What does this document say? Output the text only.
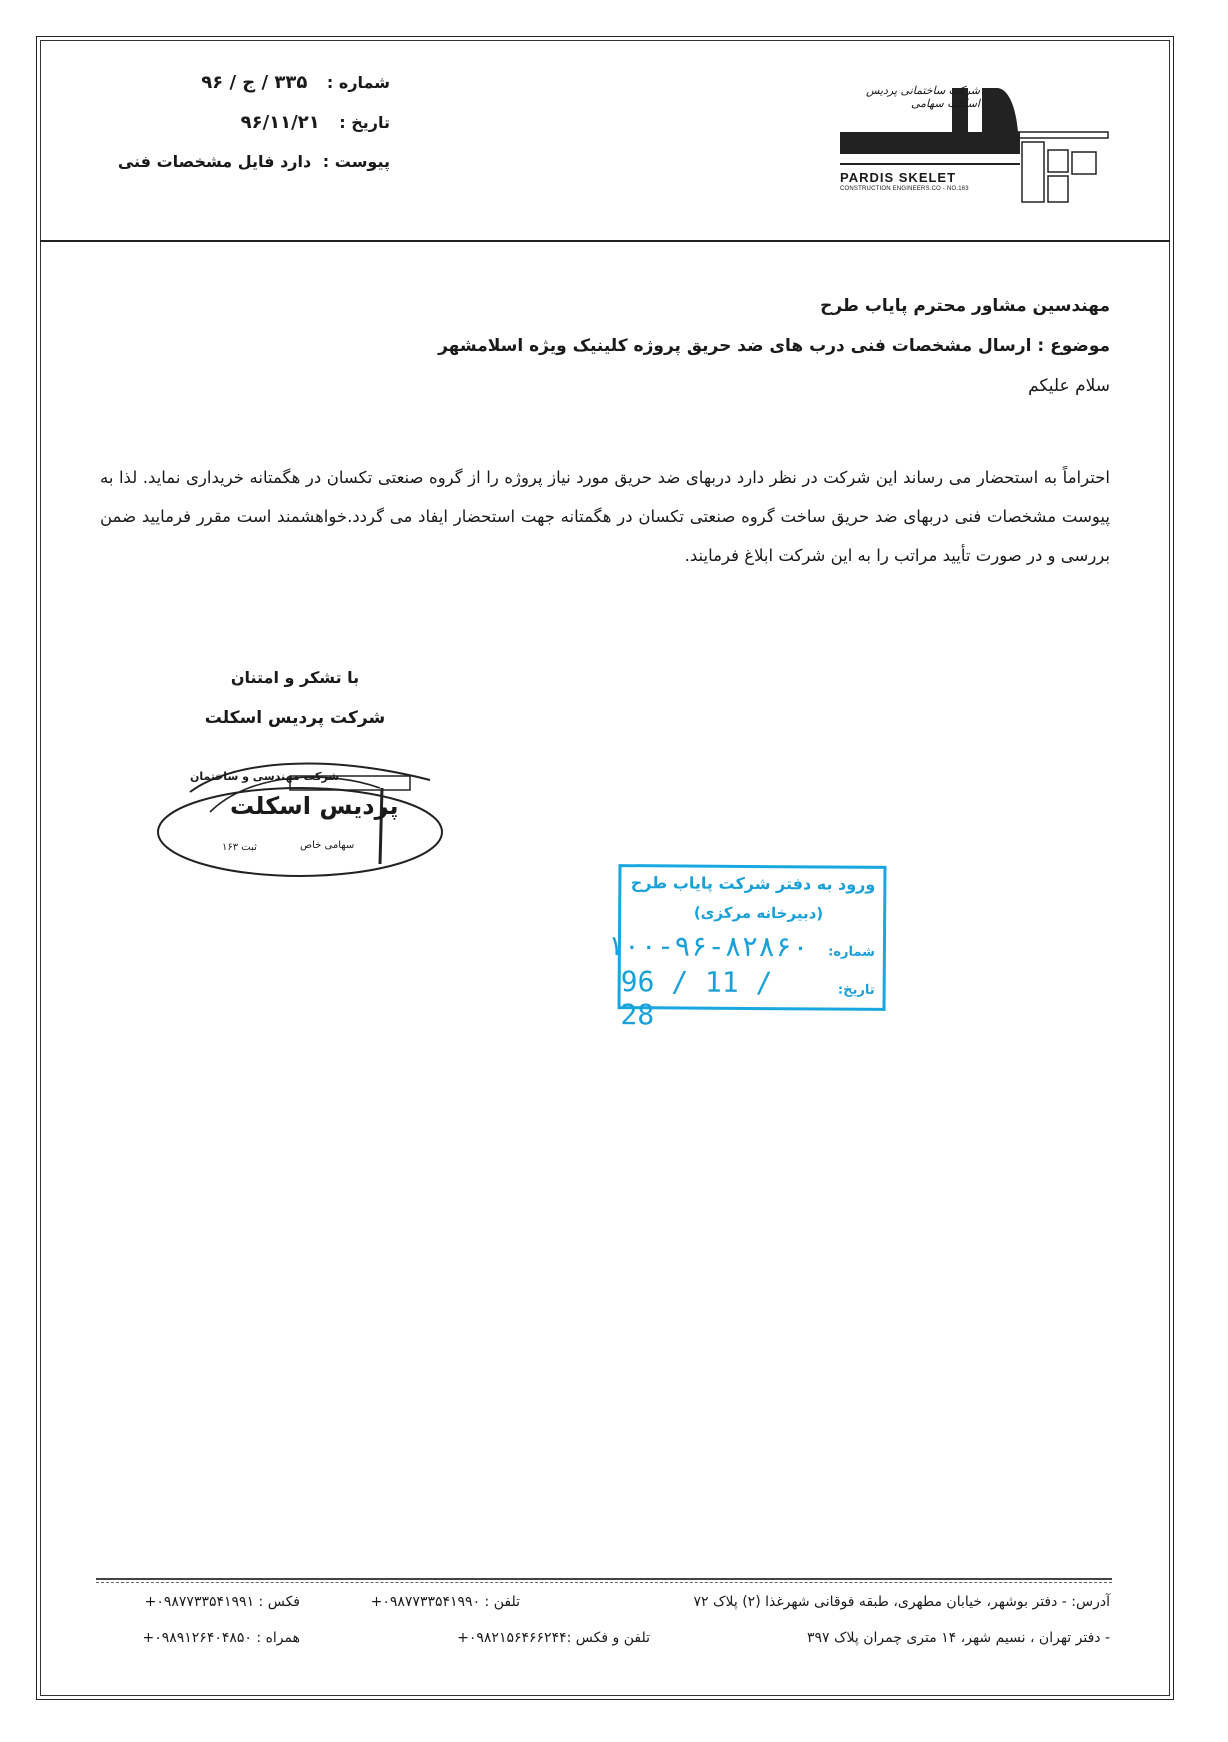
شرکت ساختمانی پردیس اسکلت سهامی
PARDIS SKELET
CONSTRUCTION ENGINEERS.CO - NO.163
شماره : ۳۳۵ / ج / ۹۶
تاریخ : ۹۶/۱۱/۲۱
پیوست : دارد فایل مشخصات فنی
مهندسین مشاور محترم پایاب طرح
موضوع : ارسال مشخصات فنی درب های ضد حریق پروژه کلینیک ویژه اسلامشهر
سلام علیکم
احتراماً به استحضار می رساند این شرکت در نظر دارد دربهای ضد حریق مورد نیاز پروژه را از گروه صنعتی تکسان در هگمتانه خریداری نماید. لذا به پیوست مشخصات فنی دربهای ضد حریق ساخت گروه صنعتی تکسان در هگمتانه جهت استحضار ایفاد می گردد.خواهشمند است مقرر فرمایید ضمن بررسی و در صورت تأیید مراتب را به این شرکت ابلاغ فرمایند.
با تشکر و امتنان
شرکت پردیس اسکلت
شرکت مهندسی و ساختمان
پردیس اسکلت
سهامی خاص
ثبت ۱۶۳
ورود به دفتر شرکت پایاب طرح
(دبیرخانه مرکزی)
شماره:
۱۰۰-۹۶-۸۲۸۶۰
تاریخ:
96 / 11 / 28
آدرس: - دفتر بوشهر، خیابان مطهری، طبقه فوقانی شهرغذا (۲) پلاک ۷۲تلفن : ۰۹۸۷۷۳۳۵۴۱۹۹۰+فکس : ۰۹۸۷۷۳۳۵۴۱۹۹۱+
- دفتر تهران ، نسیم شهر، ۱۴ متری چمران پلاک ۳۹۷تلفن و فکس :۰۹۸۲۱۵۶۴۶۶۲۴۴+همراه : ۰۹۸۹۱۲۶۴۰۴۸۵۰+
